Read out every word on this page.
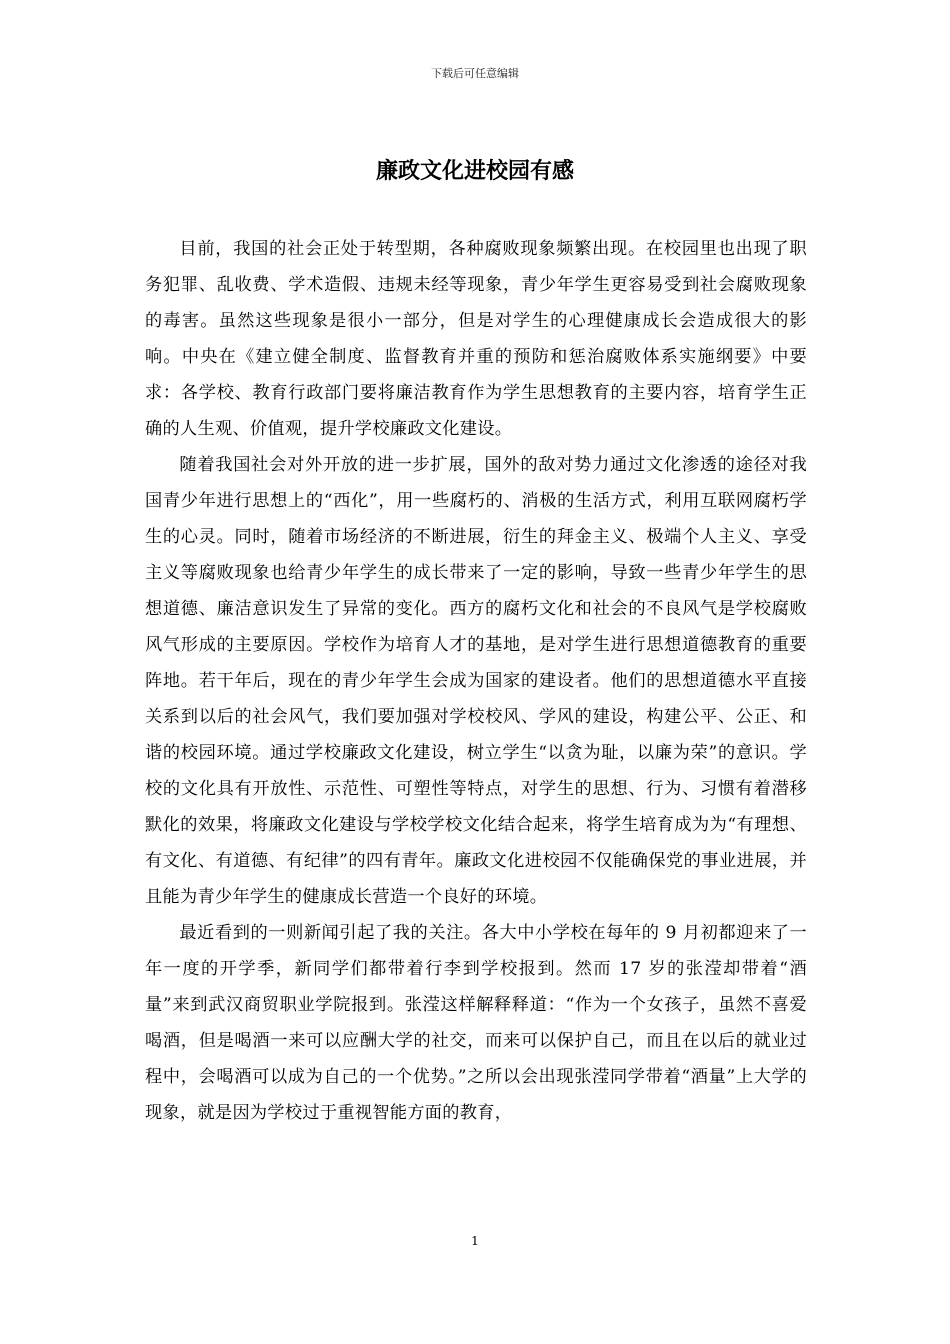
下载后可任意编辑
廉政文化进校园有感

目前，我国的社会正处于转型期，各种腐败现象频繁出现。在校园里也出现了职务犯罪、乱收费、学术造假、违规未经等现象，青少年学生更容易受到社会腐败现象的毒害。虽然这些现象是很小一部分，但是对学生的心理健康成长会造成很大的影响。中央在《建立健全制度、监督教育并重的预防和惩治腐败体系实施纲要》中要求：各学校、教育行政部门要将廉洁教育作为学生思想教育的主要内容，培育学生正确的人生观、价值观，提升学校廉政文化建设。

随着我国社会对外开放的进一步扩展，国外的敌对势力通过文化渗透的途径对我国青少年进行思想上的“西化”，用一些腐朽的、消极的生活方式，利用互联网腐朽学生的心灵。同时，随着市场经济的不断进展，衍生的拜金主义、极端个人主义、享受主义等腐败现象也给青少年学生的成长带来了一定的影响，导致一些青少年学生的思想道德、廉洁意识发生了异常的变化。西方的腐朽文化和社会的不良风气是学校腐败风气形成的主要原因。学校作为培育人才的基地，是对学生进行思想道德教育的重要阵地。若干年后，现在的青少年学生会成为国家的建设者。他们的思想道德水平直接关系到以后的社会风气，我们要加强对学校校风、学风的建设，构建公平、公正、和谐的校园环境。通过学校廉政文化建设，树立学生“以贪为耻，以廉为荣”的意识。学校的文化具有开放性、示范性、可塑性等特点，对学生的思想、行为、习惯有着潜移默化的效果，将廉政文化建设与学校学校文化结合起来，将学生培育成为为“有理想、有文化、有道德、有纪律”的四有青年。廉政文化进校园不仅能确保党的事业进展，并且能为青少年学生的健康成长营造一个良好的环境。

最近看到的一则新闻引起了我的关注。各大中小学校在每年的 9 月初都迎来了一年一度的开学季，新同学们都带着行李到学校报到。然而 17 岁的张滢却带着“酒量”来到武汉商贸职业学院报到。张滢这样解释释道：“作为一个女孩子，虽然不喜爱喝酒，但是喝酒一来可以应酬大学的社交，而来可以保护自己，而且在以后的就业过程中，会喝酒可以成为自己的一个优势。”之所以会出现张滢同学带着“酒量”上大学的现象，就是因为学校过于重视智能方面的教育，

1
